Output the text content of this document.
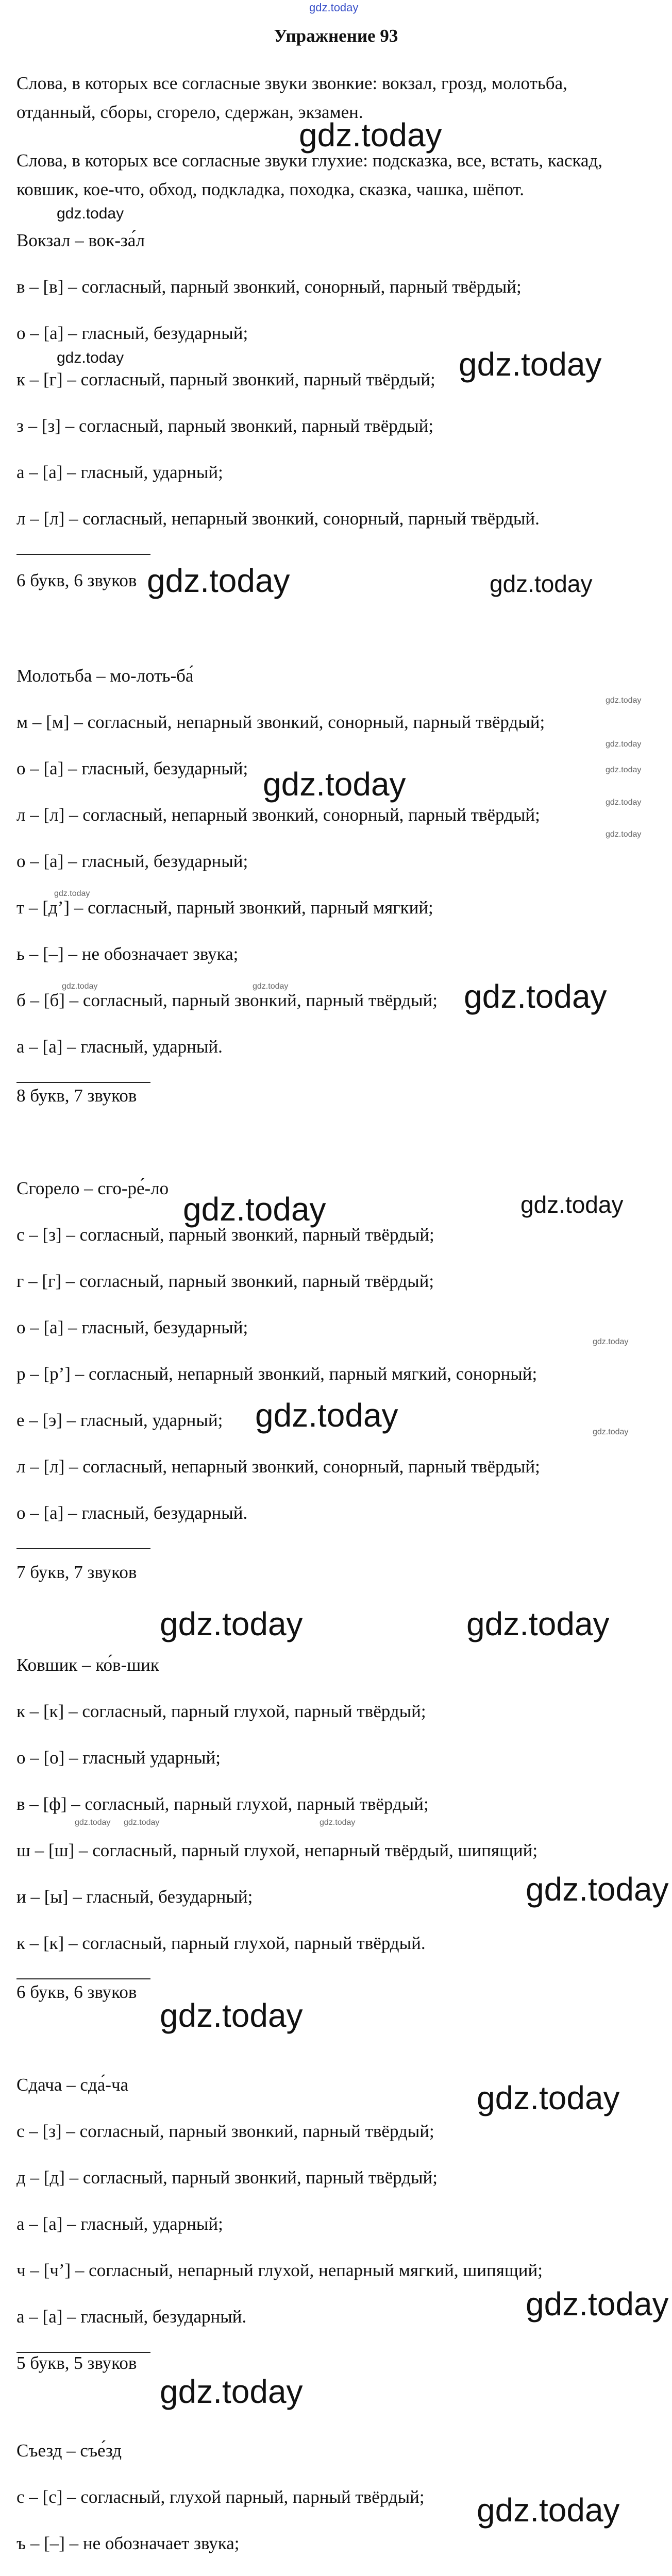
gdz.today
Упражнение 93
Слова, в которых все согласные звуки звонкие: вокзал, грозд, молотьба,
отданный, сборы, сгорело, сдержан, экзамен.
Слова, в которых все согласные звуки глухие: подсказка, все, встать, каскад,
ковшик, кое-что, обход, подкладка, походка, сказка, чашка, шёпот.
Вокзал – вок-за́л
в – [в] – согласный, парный звонкий, сонорный, парный твёрдый;
о – [а] – гласный, безударный;
к – [г] – согласный, парный звонкий, парный твёрдый;
з – [з] – согласный, парный звонкий, парный твёрдый;
а – [а] – гласный, ударный;
л – [л] – согласный, непарный звонкий, сонорный, парный твёрдый.
6 букв, 6 звуков
Молотьба – мо-лоть-ба́
м – [м] – согласный, непарный звонкий, сонорный, парный твёрдый;
о – [а] – гласный, безударный;
л – [л] – согласный, непарный звонкий, сонорный, парный твёрдый;
о – [а] – гласный, безударный;
т – [д’] – согласный, парный звонкий, парный мягкий;
ь – [–] – не обозначает звука;
б – [б] – согласный, парный звонкий, парный твёрдый;
а – [а] – гласный, ударный.
8 букв, 7 звуков
Сгорело – сго-ре́-ло
с – [з] – согласный, парный звонкий, парный твёрдый;
г – [г] – согласный, парный звонкий, парный твёрдый;
о – [а] – гласный, безударный;
р – [р’] – согласный, непарный звонкий, парный мягкий, сонорный;
е – [э] – гласный, ударный;
л – [л] – согласный, непарный звонкий, сонорный, парный твёрдый;
о – [а] – гласный, безударный.
7 букв, 7 звуков
Ковшик – ко́в-шик
к – [к] – согласный, парный глухой, парный твёрдый;
о – [о] – гласный ударный;
в – [ф] – согласный, парный глухой, парный твёрдый;
ш – [ш] – согласный, парный глухой, непарный твёрдый, шипящий;
и – [ы] – гласный, безударный;
к – [к] – согласный, парный глухой, парный твёрдый.
6 букв, 6 звуков
Сдача – сда́-ча
с – [з] – согласный, парный звонкий, парный твёрдый;
д – [д] – согласный, парный звонкий, парный твёрдый;
а – [а] – гласный, ударный;
ч – [ч’] – согласный, непарный глухой, непарный мягкий, шипящий;
а – [а] – гласный, безударный.
5 букв, 5 звуков
Съезд – съе́зд
с – [с] – согласный, глухой парный, парный твёрдый;
ъ – [–] – не обозначает звука;
gdz.today
gdz.today
gdz.today	gdz.today
gdz.today	gdz.today
gdz.today
gdz.today
gdz.today
gdz.today	gdz.today
gdz.today
gdz.today
gdz.today	gdz.today	gdz.today
gdz.today	gdz.today
gdz.today
gdz.today	gdz.today
gdz.today	gdz.today
gdz.today gdz.today	gdz.today
gdz.today
gdz.today
gdz.today
gdz.today
gdz.today
gdz.today
